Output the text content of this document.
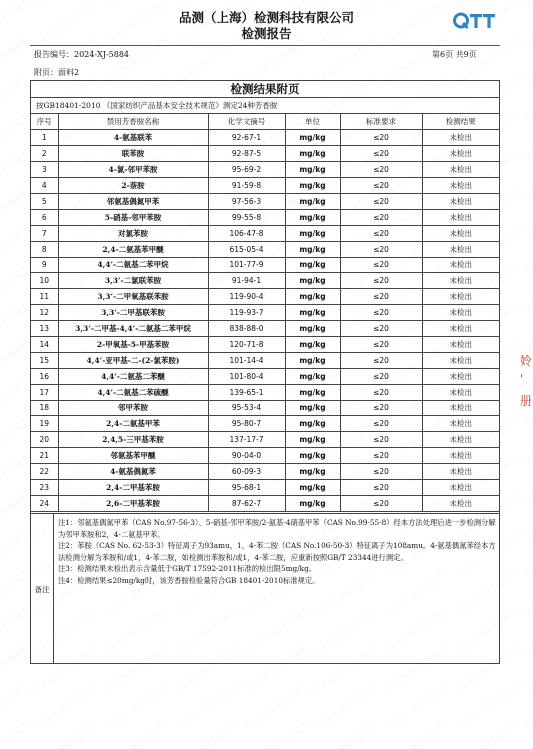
品测（上海）检测科技有限公司
检测报告
报告编号：2024-XJ-5884	第6页 共9页
附页：面料2
检测结果附页
按GB18401-2010 《国家纺织产品基本安全技术规范》测定24种芳香胺
序号	禁用芳香胺名称	化学文摘号	单位	标准要求	检测结果
1	4-氨基联苯	92-67-1	mg/kg	≤20	未检出
2	联苯胺	92-87-5	mg/kg	≤20	未检出
3	4-氯-邻甲苯胺	95-69-2	mg/kg	≤20	未检出
4	2-萘胺	91-59-8	mg/kg	≤20	未检出
5	邻氨基偶氮甲苯	97-56-3	mg/kg	≤20	未检出
6	5-硝基-邻甲苯胺	99-55-8	mg/kg	≤20	未检出
7	对氯苯胺	106-47-8	mg/kg	≤20	未检出
8	2,4-二氨基苯甲醚	615-05-4	mg/kg	≤20	未检出
9	4,4’-二氨基二苯甲烷	101-77-9	mg/kg	≤20	未检出
10	3,3’-二氯联苯胺	91-94-1	mg/kg	≤20	未检出
11	3,3’-二甲氧基联苯胺	119-90-4	mg/kg	≤20	未检出
12	3,3’-二甲基联苯胺	119-93-7	mg/kg	≤20	未检出
13	3,3’-二甲基-4,4’-二氨基二苯甲烷	838-88-0	mg/kg	≤20	未检出
14	2-甲氧基-5-甲基苯胺	120-71-8	mg/kg	≤20	未检出
15	4,4’-亚甲基-二-(2-氯苯胺)	101-14-4	mg/kg	≤20	未检出
16	4,4’-二氨基二苯醚	101-80-4	mg/kg	≤20	未检出
17	4,4’-二氨基二苯硫醚	139-65-1	mg/kg	≤20	未检出
18	邻甲苯胺	95-53-4	mg/kg	≤20	未检出
19	2,4-二氨基甲苯	95-80-7	mg/kg	≤20	未检出
20	2,4,5-三甲基苯胺	137-17-7	mg/kg	≤20	未检出
21	邻氨基苯甲醚	90-04-0	mg/kg	≤20	未检出
22	4-氨基偶氮苯	60-09-3	mg/kg	≤20	未检出
23	2,4-二甲基苯胺	95-68-1	mg/kg	≤20	未检出
24	2,6-二甲基苯胺	87-62-7	mg/kg	≤20	未检出
备注

注1：邻氨基偶氮甲苯（CAS No.97-56-3）、5-硝基-邻甲苯胺/2-氨基-4硝基甲苯（CAS No.99-55-8）经本方法处理后进一步检测分解为邻甲苯胺和2，4-二氨基甲苯。

注2：苯胺（CAS No. 62-53-3）特征离子为93amu，1，4-苯二胺（CAS No.106-50-3）特征离子为108amu。4-氨基偶氮苯经本方法检测分解为苯胺和/或1，4-苯二胺，如检测出苯胺和/或1，4-苯二胺，应重新按照GB/T 23344进行测定。

注3：检测结果未检出表示含量低于GB/T 17592-2011标准的检出限5mg/kg。

注4：检测结果≤20mg/kg时，该芳香胺检验量符合GB 18401-2010标准规定。

姈
'
册
